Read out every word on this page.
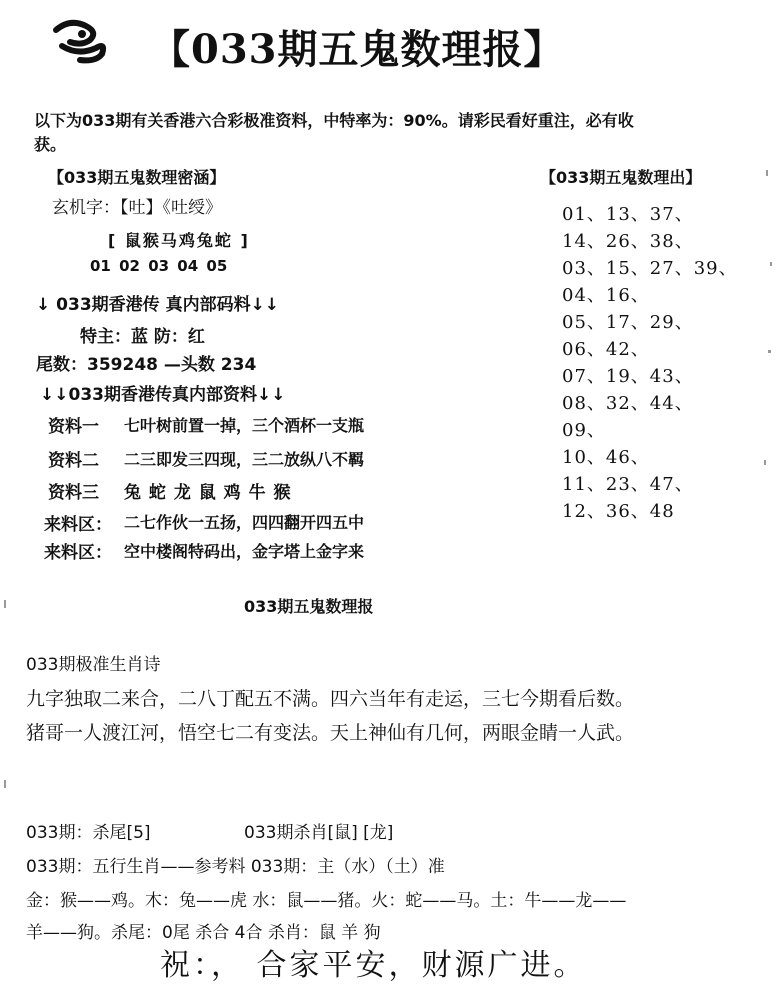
【033期五鬼数理报】
以下为033期有关香港六合彩极准资料，中特率为：90%。请彩民看好重注，必有收
获。
【033期五鬼数理密涵】
玄机字：【吐】《吐绶》
[ 鼠猴马鸡兔蛇 ]
01 02 03 04 05
↓ 033期香港传 真内部码料↓↓
特主：蓝 防：红
尾数：359248 —头数 234
↓↓033期香港传真内部资料↓↓
资料一 七叶树前置一掉，三个酒杯一支瓶
资料二 二三即发三四现，三二放纵八不羁
资料三 兔 蛇 龙 鼠 鸡 牛 猴
来料区： 二七作伙一五扬，四四翻开四五中
来料区： 空中楼阁特码出，金字塔上金字来
【033期五鬼数理出】
01、13、37、
14、26、38、
03、15、27、39、
04、16、
05、17、29、
06、42、
07、19、43、
08、32、44、
09、
10、46、
11、23、47、
12、36、48
033期五鬼数理报
033期极准生肖诗
九字独取二来合，二八丁配五不满。四六当年有走运，三七今期看后数。
猪哥一人渡江河，悟空七二有变法。天上神仙有几何，两眼金睛一人武。
033期：杀尾[5]	033期杀肖[鼠] [龙]
033期：五行生肖——参考料 033期：主（水）（土）准
金：猴——鸡。木：兔——虎 水：鼠——猪。火：蛇——马。土：牛——龙——
羊——狗。杀尾：0尾 杀合 4合 杀肖：鼠 羊 狗
祝：， 合家平安，财源广进。
